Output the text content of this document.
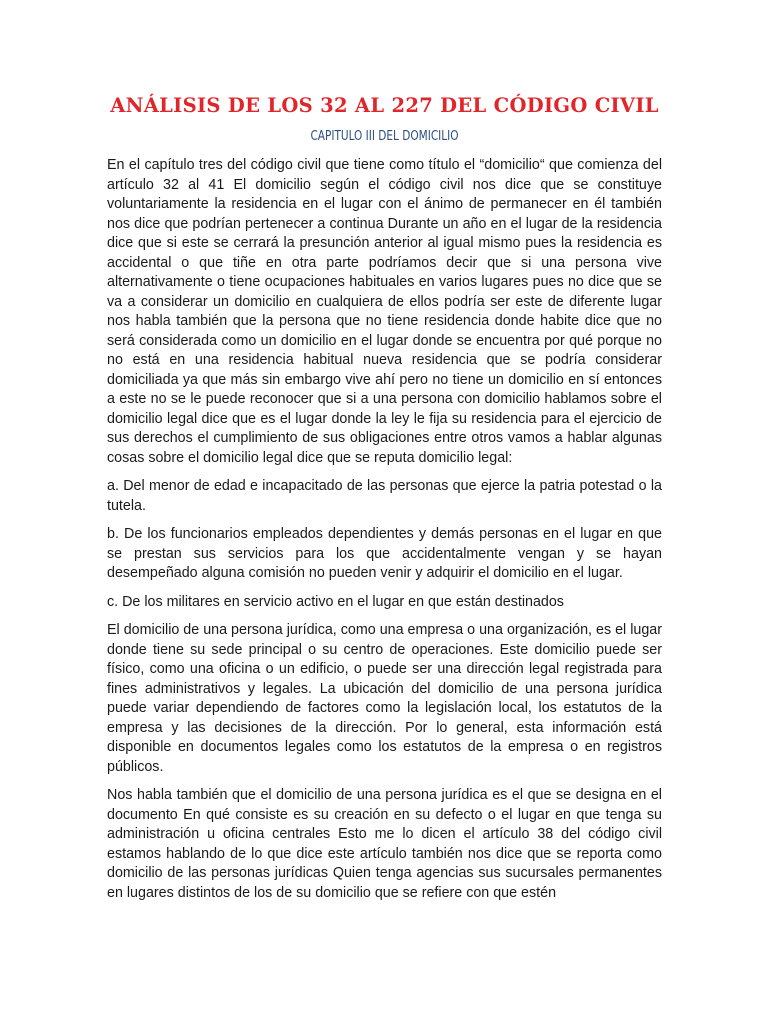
ANÁLISIS DE LOS 32 AL 227 DEL CÓDIGO CIVIL
CAPITULO III DEL DOMICILIO

En el capítulo tres del código civil que tiene como título el “domicilio“ que comienza del artículo 32 al 41 El domicilio según el código civil nos dice que se constituye voluntariamente la residencia en el lugar con el ánimo de permanecer en él también nos dice que podrían pertenecer a continua Durante un año en el lugar de la residencia dice que si este se cerrará la presunción anterior al igual mismo pues la residencia es accidental o que tiñe en otra parte podríamos decir que si una persona vive alternativamente o tiene ocupaciones habituales en varios lugares pues no dice que se va a considerar un domicilio en cualquiera de ellos podría ser este de diferente lugar nos habla también que la persona que no tiene residencia donde habite dice que no será considerada como un domicilio en el lugar donde se encuentra por qué porque no no está en una residencia habitual nueva residencia que se podría considerar domiciliada ya que más sin embargo vive ahí pero no tiene un domicilio en sí entonces a este no se le puede reconocer que si a una persona con domicilio hablamos sobre el domicilio legal dice que es el lugar donde la ley le fija su residencia para el ejercicio de sus derechos el cumplimiento de sus obligaciones entre otros vamos a hablar algunas cosas sobre el domicilio legal dice que se reputa domicilio legal:

a. Del menor de edad e incapacitado de las personas que ejerce la patria potestad o la tutela.

b. De los funcionarios empleados dependientes y demás personas en el lugar en que se prestan sus servicios para los que accidentalmente vengan y se hayan desempeñado alguna comisión no pueden venir y adquirir el domicilio en el lugar.

c. De los militares en servicio activo en el lugar en que están destinados

El domicilio de una persona jurídica, como una empresa o una organización, es el lugar donde tiene su sede principal o su centro de operaciones. Este domicilio puede ser físico, como una oficina o un edificio, o puede ser una dirección legal registrada para fines administrativos y legales. La ubicación del domicilio de una persona jurídica puede variar dependiendo de factores como la legislación local, los estatutos de la empresa y las decisiones de la dirección. Por lo general, esta información está disponible en documentos legales como los estatutos de la empresa o en registros públicos.

Nos habla también que el domicilio de una persona jurídica es el que se designa en el documento En qué consiste es su creación en su defecto o el lugar en que tenga su administración u oficina centrales Esto me lo dicen el artículo 38 del código civil estamos hablando de lo que dice este artículo también nos dice que se reporta como domicilio de las personas jurídicas Quien tenga agencias sus sucursales permanentes en lugares distintos de los de su domicilio que se refiere con que estén
